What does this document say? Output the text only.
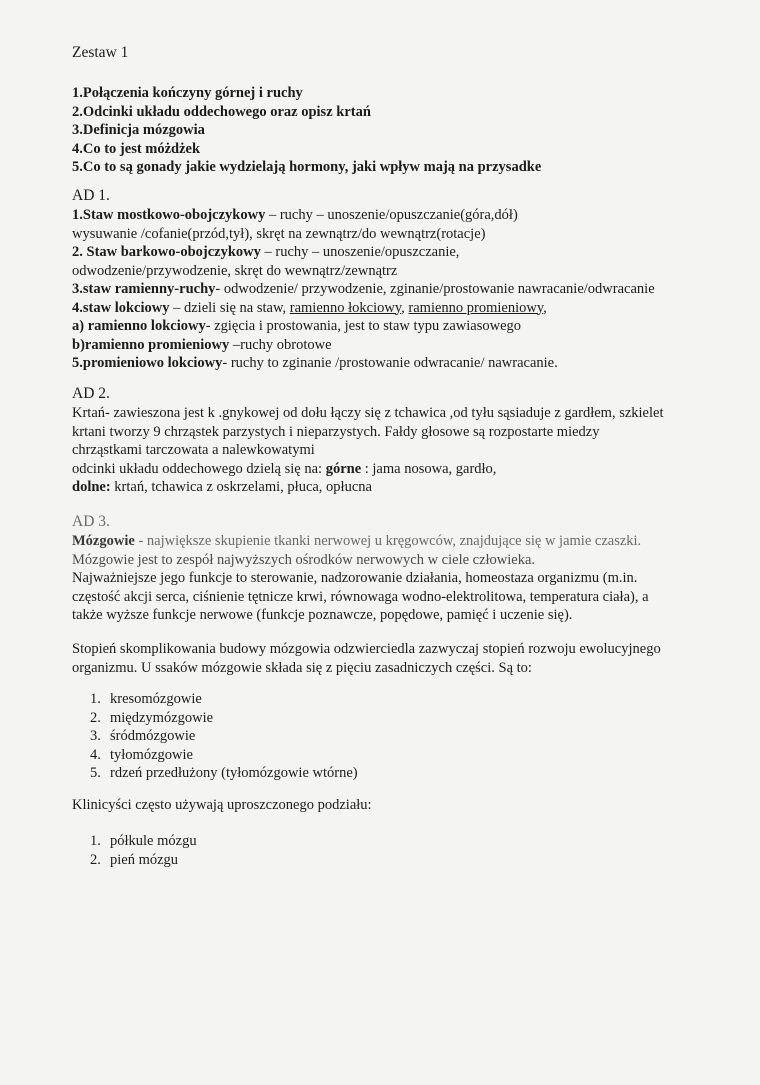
Zestaw 1
1.Połączenia kończyny górnej i ruchy
2.Odcinki układu oddechowego oraz opisz krtań
3.Definicja mózgowia
4.Co to jest móżdżek
5.Co to są gonady jakie wydzielają hormony, jaki wpływ mają na przysadke
AD 1.
1.Staw mostkowo-obojczykowy – ruchy – unoszenie/opuszczanie(góra,dół)
wysuwanie /cofanie(przód,tył), skręt na zewnątrz/do wewnątrz(rotacje)
2. Staw barkowo-obojczykowy – ruchy – unoszenie/opuszczanie,
odwodzenie/przywodzenie, skręt do wewnątrz/zewnątrz
3.staw ramienny-ruchy- odwodzenie/ przywodzenie, zginanie/prostowanie nawracanie/odwracanie
4.staw lokciowy – dzieli się na staw, ramienno łokciowy, ramienno promieniowy,
a) ramienno lokciowy- zgięcia i prostowania, jest to staw typu zawiasowego
b)ramienno promieniowy –ruchy obrotowe
5.promieniowo lokciowy- ruchy to zginanie /prostowanie odwracanie/ nawracanie.
AD 2.
Krtań- zawieszona jest k .gnykowej od dołu łączy się z tchawica ,od tyłu sąsiaduje z gardłem, szkielet
krtani tworzy 9 chrząstek parzystych i nieparzystych. Fałdy głosowe są rozpostarte miedzy
chrząstkami tarczowata a nalewkowatymi
odcinki układu oddechowego dzielą się na: górne : jama nosowa, gardło,
dolne: krtań, tchawica z oskrzelami, płuca, opłucna
AD 3.
Mózgowie - największe skupienie tkanki nerwowej u kręgowców, znajdujące się w jamie czaszki.
Mózgowie jest to zespół najwyższych ośrodków nerwowych w ciele człowieka.
Najważniejsze jego funkcje to sterowanie, nadzorowanie działania, homeostaza organizmu (m.in.
częstość akcji serca, ciśnienie tętnicze krwi, równowaga wodno-elektrolitowa, temperatura ciała), a
także wyższe funkcje nerwowe (funkcje poznawcze, popędowe, pamięć i uczenie się).
Stopień skomplikowania budowy mózgowia odzwierciedla zazwyczaj stopień rozwoju ewolucyjnego
organizmu. U ssaków mózgowie składa się z pięciu zasadniczych części. Są to:
1. kresomózgowie
2. międzymózgowie
3. śródmózgowie
4. tyłomózgowie
5. rdzeń przedłużony (tyłomózgowie wtórne)
Klinicyści często używają uproszczonego podziału:
1. półkule mózgu
2. pień mózgu
